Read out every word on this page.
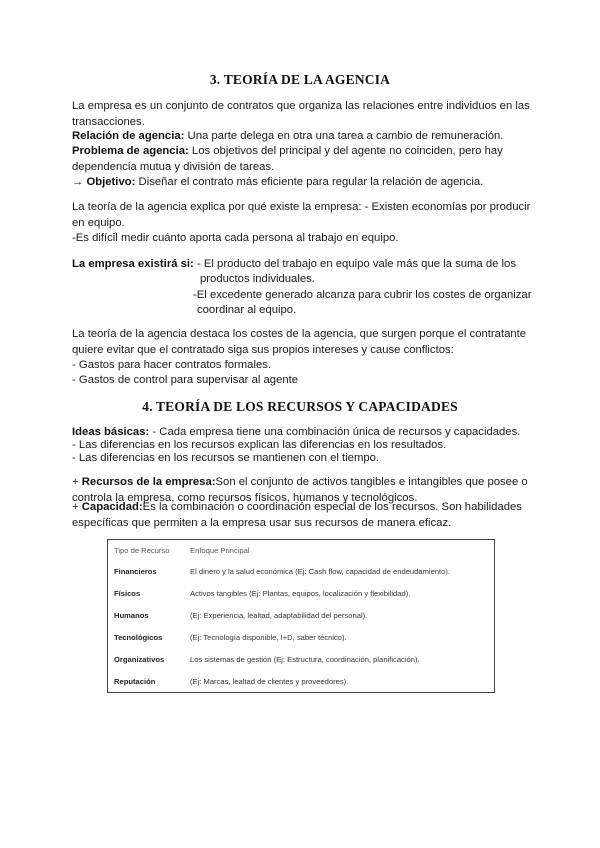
3. TEORÍA DE LA AGENCIA
La empresa es un conjunto de contratos que organiza las relaciones entre individuos en las transacciones.
Relación de agencia: Una parte delega en otra una tarea a cambio de remuneración.
Problema de agencia: Los objetivos del principal y del agente no coinciden, pero hay dependencia mutua y división de tareas.
→ Objetivo: Diseñar el contrato más eficiente para regular la relación de agencia.
La teoría de la agencia explica por qué existe la empresa: - Existen economías por producir en equipo.
-Es difícil medir cuánto aporta cada persona al trabajo en equipo.
La empresa existirá si: - El producto del trabajo en equipo vale más que la suma de los
productos individuales.
-El excedente generado alcanza para cubrir los costes de organizar
coordinar al equipo.
La teoría de la agencia destaca los costes de la agencia, que surgen porque el contratante quiere evitar que el contratado siga sus propios intereses y cause conflictos:
- Gastos para hacer contratos formales.
- Gastos de control para supervisar al agente
4. TEORÍA DE LOS RECURSOS Y CAPACIDADES
Ideas básicas: - Cada empresa tiene una combinación única de recursos y capacidades.
- Las diferencias en los recursos explican las diferencias en los resultados.
- Las diferencias en los recursos se mantienen con el tiempo.
+ Recursos de la empresa:Son el conjunto de activos tangibles e intangibles que posee o controla la empresa, como recursos físicos, humanos y tecnológicos.
+ Capacidad:Es la combinación o coordinación especial de los recursos. Son habilidades específicas que permiten a la empresa usar sus recursos de manera eficaz.
Tipo de Recurso	Enfoque Principal
Financieros	El dinero y la salud económica (Ej: Cash flow, capacidad de endeudamiento).
Físicos	Activos tangibles (Ej: Plantas, equipos, localización y flexibilidad).
Humanos	(Ej: Experiencia, lealtad, adaptabilidad del personal).
Tecnológicos	(Ej: Tecnología disponible, I+D, saber técnico).
Organizativos	Los sistemas de gestión (Ej: Estructura, coordinación, planificación).
Reputación	(Ej: Marcas, lealtad de clientes y proveedores).
